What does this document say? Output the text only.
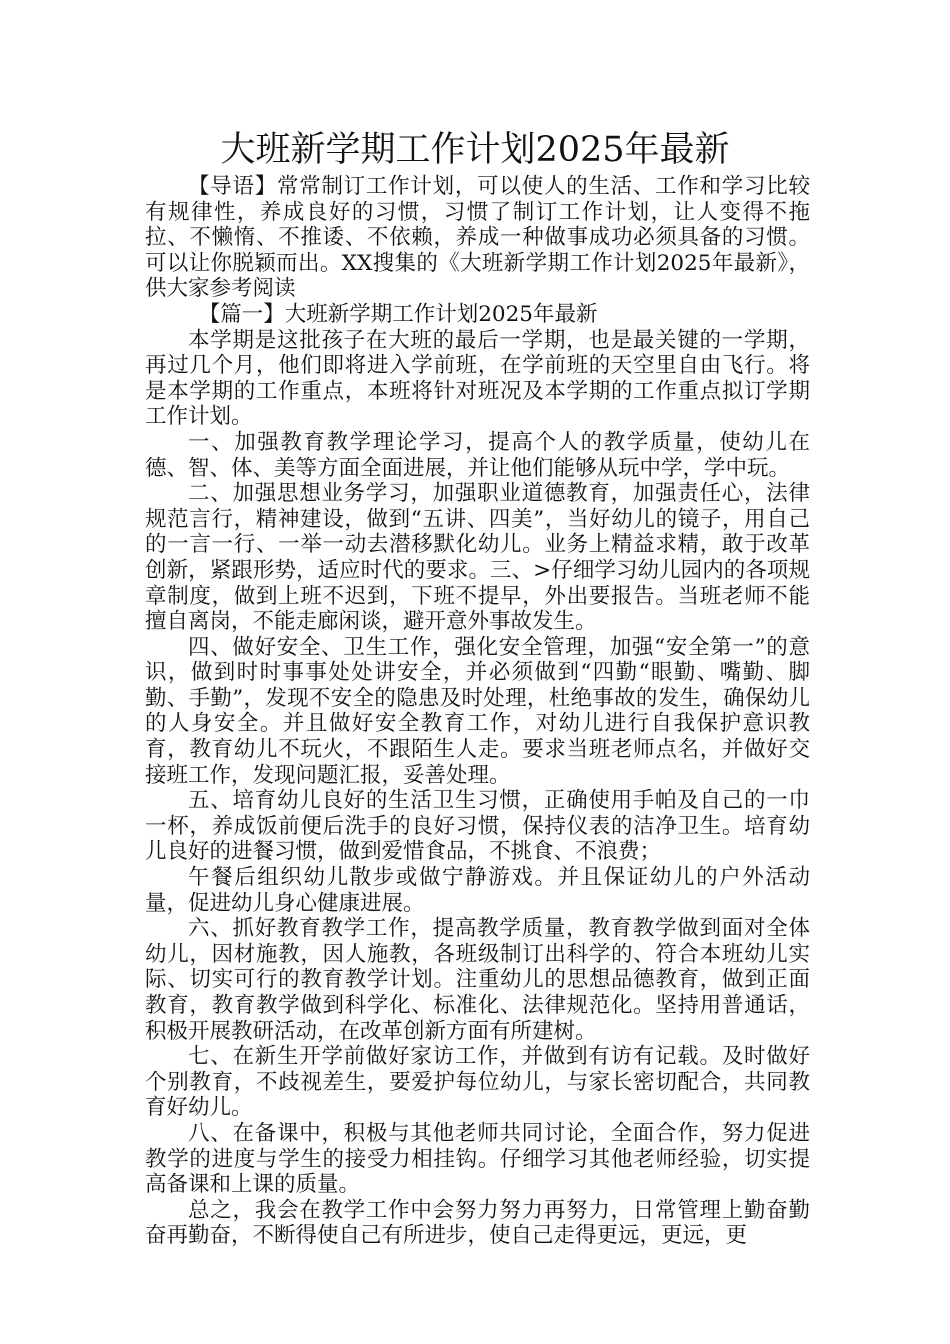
大班新学期工作计划2025年最新

【导语】常常制订工作计划，可以使人的生活、工作和学习比较有规律性，养成良好的习惯，习惯了制订工作计划，让人变得不拖拉、不懒惰、不推诿、不依赖，养成一种做事成功必须具备的习惯。可以让你脱颖而出。XX搜集的《大班新学期工作计划2025年最新》，供大家参考阅读

【篇一】大班新学期工作计划2025年最新

本学期是这批孩子在大班的最后一学期，也是最关键的一学期，再过几个月，他们即将进入学前班，在学前班的天空里自由飞行。将是本学期的工作重点，本班将针对班况及本学期的工作重点拟订学期工作计划。

一、加强教育教学理论学习，提高个人的教学质量，使幼儿在德、智、体、美等方面全面进展，并让他们能够从玩中学，学中玩。

二、加强思想业务学习，加强职业道德教育，加强责任心，法律规范言行，精神建设，做到“五讲、四美”，当好幼儿的镜子，用自己的一言一行、一举一动去潜移默化幼儿。业务上精益求精，敢于改革创新，紧跟形势，适应时代的要求。三、>仔细学习幼儿园内的各项规章制度，做到上班不迟到，下班不提早，外出要报告。当班老师不能擅自离岗，不能走廊闲谈，避开意外事故发生。

四、做好安全、卫生工作，强化安全管理，加强“安全第一”的意识，做到时时事事处处讲安全，并必须做到“四勤“眼勤、嘴勤、脚勤、手勤”，发现不安全的隐患及时处理，杜绝事故的发生，确保幼儿的人身安全。并且做好安全教育工作，对幼儿进行自我保护意识教育，教育幼儿不玩火，不跟陌生人走。要求当班老师点名，并做好交接班工作，发现问题汇报，妥善处理。

五、培育幼儿良好的生活卫生习惯，正确使用手帕及自己的一巾一杯，养成饭前便后洗手的良好习惯，保持仪表的洁净卫生。培育幼儿良好的进餐习惯，做到爱惜食品，不挑食、不浪费；

午餐后组织幼儿散步或做宁静游戏。并且保证幼儿的户外活动量，促进幼儿身心健康进展。

六、抓好教育教学工作，提高教学质量，教育教学做到面对全体幼儿，因材施教，因人施教，各班级制订出科学的、符合本班幼儿实际、切实可行的教育教学计划。注重幼儿的思想品德教育，做到正面教育，教育教学做到科学化、标准化、法律规范化。坚持用普通话，积极开展教研活动，在改革创新方面有所建树。

七、在新生开学前做好家访工作，并做到有访有记载。及时做好个别教育，不歧视差生，要爱护每位幼儿，与家长密切配合，共同教育好幼儿。

八、在备课中，积极与其他老师共同讨论，全面合作，努力促进教学的进度与学生的接受力相挂钩。仔细学习其他老师经验，切实提高备课和上课的质量。

总之，我会在教学工作中会努力努力再努力，日常管理上勤奋勤奋再勤奋，不断得使自己有所进步，使自己走得更远，更远，更
